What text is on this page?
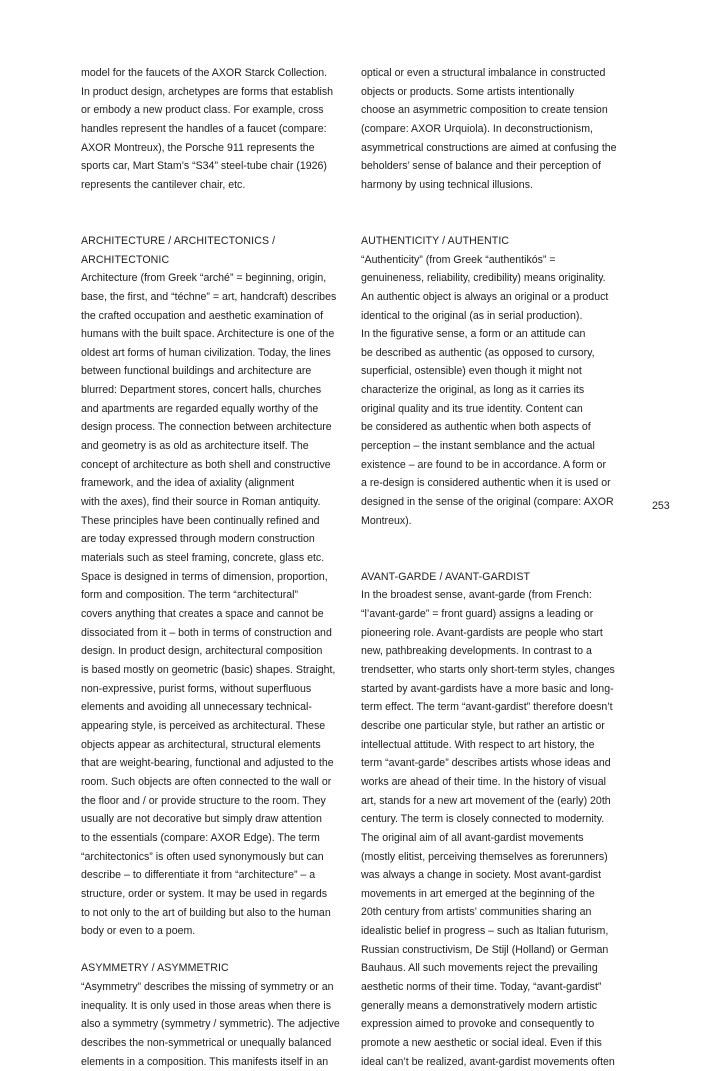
model for the faucets of the AXOR Starck Collection.
In product design, archetypes are forms that establish
or embody a new product class. For example, cross
handles represent the handles of a faucet (compare:
AXOR Montreux), the Porsche 911 represents the
sports car, Mart Stam’s “S34” steel-tube chair (1926)
represents the cantilever chair, etc.
ARCHITECTURE / ARCHITECTONICS /
ARCHITECTONIC
Architecture (from Greek “arché” = beginning, origin,
base, the first, and “téchne” = art, handcraft) describes
the crafted occupation and aesthetic examination of
humans with the built space. Architecture is one of the
oldest art forms of human civilization. Today, the lines
between functional buildings and architecture are
blurred: Department stores, concert halls, churches
and apartments are regarded equally worthy of the
design process. The connection between architecture
and geometry is as old as architecture itself. The
concept of architecture as both shell and constructive
framework, and the idea of axiality (alignment
with the axes), find their source in Roman antiquity.
These principles have been continually refined and
are today expressed through modern construction
materials such as steel framing, concrete, glass etc.
Space is designed in terms of dimension, proportion,
form and composition. The term “architectural”
covers anything that creates a space and cannot be
dissociated from it – both in terms of construction and
design. In product design, architectural composition
is based mostly on geometric (basic) shapes. Straight,
non-expressive, purist forms, without superfluous
elements and avoiding all unnecessary technical-
appearing style, is perceived as architectural. These
objects appear as architectural, structural elements
that are weight-bearing, functional and adjusted to the
room. Such objects are often connected to the wall or
the floor and / or provide structure to the room. They
usually are not decorative but simply draw attention
to the essentials (compare: AXOR Edge). The term
“architectonics” is often used synonymously but can
describe – to differentiate it from “architecture” – a
structure, order or system. It may be used in regards
to not only to the art of building but also to the human
body or even to a poem.
ASYMMETRY / ASYMMETRIC
“Asymmetry” describes the missing of symmetry or an
inequality. It is only used in those areas when there is
also a symmetry (symmetry / symmetric). The adjective
describes the non-symmetrical or unequally balanced
elements in a composition. This manifests itself in an
optical or even a structural imbalance in constructed
objects or products. Some artists intentionally
choose an asymmetric composition to create tension
(compare: AXOR Urquiola). In deconstructionism,
asymmetrical constructions are aimed at confusing the
beholders’ sense of balance and their perception of
harmony by using technical illusions.
AUTHENTICITY / AUTHENTIC
“Authenticity” (from Greek “authentikós” =
genuineness, reliability, credibility) means originality.
An authentic object is always an original or a product
identical to the original (as in serial production).
In the figurative sense, a form or an attitude can
be described as authentic (as opposed to cursory,
superficial, ostensible) even though it might not
characterize the original, as long as it carries its
original quality and its true identity. Content can
be considered as authentic when both aspects of
perception – the instant semblance and the actual
existence – are found to be in accordance. A form or
a re-design is considered authentic when it is used or
designed in the sense of the original (compare: AXOR
Montreux).
AVANT-GARDE / AVANT-GARDIST
In the broadest sense, avant-garde (from French:
“l’avant-garde” = front guard) assigns a leading or
pioneering role. Avant-gardists are people who start
new, pathbreaking developments. In contrast to a
trendsetter, who starts only short-term styles, changes
started by avant-gardists have a more basic and long-
term effect. The term “avant-gardist” therefore doesn’t
describe one particular style, but rather an artistic or
intellectual attitude. With respect to art history, the
term “avant-garde” describes artists whose ideas and
works are ahead of their time. In the history of visual
art, stands for a new art movement of the (early) 20th
century. The term is closely connected to modernity.
The original aim of all avant-gardist movements
(mostly elitist, perceiving themselves as forerunners)
was always a change in society. Most avant-gardist
movements in art emerged at the beginning of the
20th century from artists’ communities sharing an
idealistic belief in progress – such as Italian futurism,
Russian constructivism, De Stijl (Holland) or German
Bauhaus. All such movements reject the prevailing
aesthetic norms of their time. Today, “avant-gardist”
generally means a demonstratively modern artistic
expression aimed to provoke and consequently to
promote a new aesthetic or social ideal. Even if this
ideal can’t be realized, avant-gardist movements often
253
